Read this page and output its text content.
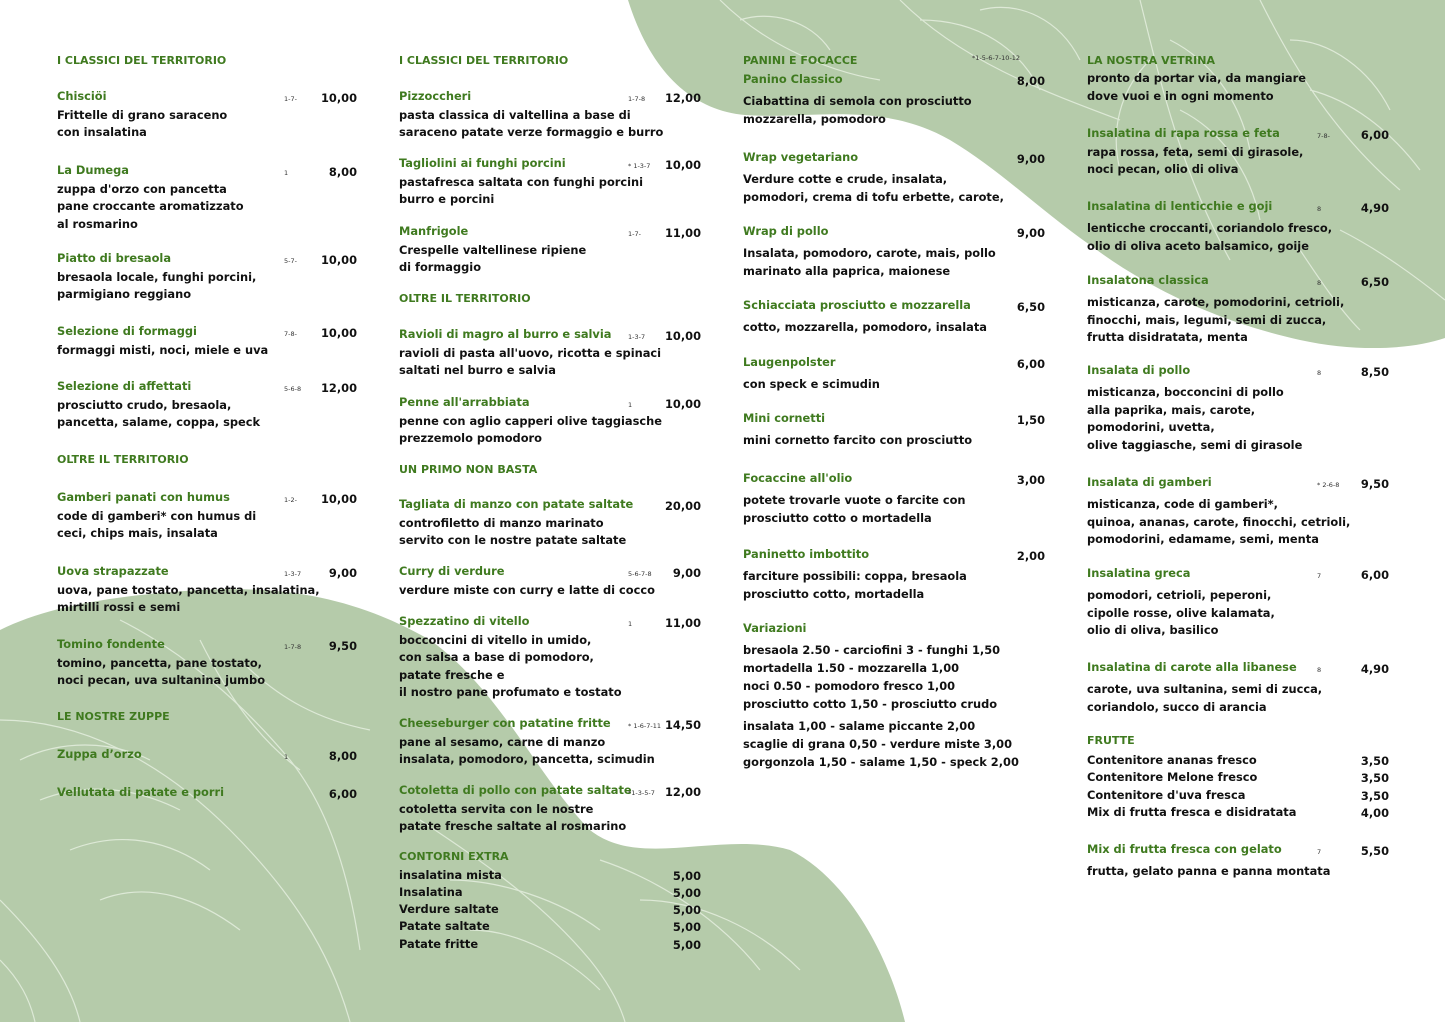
I CLASSICI DEL TERRITORIO
Chisciöi
Frittelle di grano saraceno
con insalatina
1-7-	10,00
La Dumega
zuppa d'orzo con pancetta
pane croccante aromatizzato
al rosmarino
1	8,00
Piatto di bresaola
bresaola locale, funghi porcini,
parmigiano reggiano
5-7-	10,00
Selezione di formaggi
formaggi misti, noci, miele e uva
7-8-	10,00
Selezione di affettati
prosciutto crudo, bresaola,
pancetta, salame, coppa, speck
5-6-8	12,00
OLTRE IL TERRITORIO
Gamberi panati con humus
code di gamberi* con humus di
ceci, chips mais, insalata
1-2-	10,00
Uova strapazzate
uova, pane tostato, pancetta, insalatina,
mirtilli rossi e semi
1-3-7	9,00
Tomino fondente
tomino, pancetta, pane tostato,
noci pecan, uva sultanina jumbo
1-7-8	9,50
LE NOSTRE ZUPPE
Zuppa d’orzo	1	8,00
Vellutata di patate e porri	6,00
I CLASSICI DEL TERRITORIO
Pizzoccheri
pasta classica di valtellina a base di
saraceno patate verze formaggio e burro
1-7-8	12,00
Tagliolini ai funghi porcini
pastafresca saltata con funghi porcini
burro e porcini
* 1-3-7	10,00
Manfrigole
Crespelle valtellinese ripiene
di formaggio
1-7-	11,00
OLTRE IL TERRITORIO
Ravioli di magro al burro e salvia
ravioli di pasta all'uovo, ricotta e spinaci
saltati nel burro e salvia
1-3-7	10,00
Penne all'arrabbiata
penne con aglio capperi olive taggiasche
prezzemolo pomodoro
1	10,00
UN PRIMO NON BASTA
Tagliata di manzo con patate saltate
controfiletto di manzo marinato
servito con le nostre patate saltate
20,00
Curry di verdure
verdure miste con curry e latte di cocco
5-6-7-8	9,00
Spezzatino di vitello
bocconcini di vitello in umido,
con salsa a base di pomodoro,
patate fresche e
il nostro pane profumato e tostato
1	11,00
Cheeseburger con patatine fritte
pane al sesamo, carne di manzo
insalata, pomodoro, pancetta, scimudin
* 1-6-7-11 14,50
Cotoletta di pollo con patate saltate
cotoletta servita con le nostre
patate fresche saltate al rosmarino
*1-3-5-7 12,00
CONTORNI EXTRA
insalatina mista	5,00
Insalatina	5,00
Verdure saltate	5,00
Patate saltate	5,00
Patate fritte	5,00
PANINI E FOCACCE	*1-5-6-7-10-12
Panino Classico
Ciabattina di semola con prosciutto
mozzarella, pomodoro
8,00
Wrap vegetariano
Verdure cotte e crude, insalata,
pomodori, crema di tofu erbette, carote,
9,00
Wrap di pollo
Insalata, pomodoro, carote, mais, pollo
marinato alla paprica, maionese
9,00
Schiacciata prosciutto e mozzarella
cotto, mozzarella, pomodoro, insalata
6,50
Laugenpolster
con speck e scimudin
6,00
Mini cornetti
mini cornetto farcito con prosciutto
1,50
Focaccine all'olio
potete trovarle vuote o farcite con
prosciutto cotto o mortadella
3,00
Paninetto imbottito
farciture possibili: coppa, bresaola
prosciutto cotto, mortadella
2,00
Variazioni
bresaola 2.50 - carciofini 3 - funghi 1,50
mortadella 1.50 - mozzarella 1,00
noci 0.50 - pomodoro fresco 1,00
prosciutto cotto 1,50 - prosciutto crudo
insalata 1,00 - salame piccante 2,00
scaglie di grana 0,50 - verdure miste 3,00
gorgonzola 1,50 - salame 1,50 - speck 2,00
LA NOSTRA VETRINA
pronto da portar via, da mangiare
dove vuoi e in ogni momento
Insalatina di rapa rossa e feta
rapa rossa, feta, semi di girasole,
noci pecan, olio di oliva
7-8-	6,00
Insalatina di lenticchie e goji
lenticche croccanti, coriandolo fresco,
olio di oliva aceto balsamico, goije
8	4,90
Insalatona classica
misticanza, carote, pomodorini, cetrioli,
finocchi, mais, legumi, semi di zucca,
frutta disidratata, menta
8	6,50
Insalata di pollo
misticanza, bocconcini di pollo
alla paprika, mais, carote,
pomodorini, uvetta,
olive taggiasche, semi di girasole
8	8,50
Insalata di gamberi
misticanza, code di gamberi*,
quinoa, ananas, carote, finocchi, cetrioli,
pomodorini, edamame, semi, menta
* 2-6-8	9,50
Insalatina greca
pomodori, cetrioli, peperoni,
cipolle rosse, olive kalamata,
olio di oliva, basilico
7	6,00
Insalatina di carote alla libanese
carote, uva sultanina, semi di zucca,
coriandolo, succo di arancia
8	4,90
FRUTTE
Contenitore ananas fresco	3,50
Contenitore Melone fresco	3,50
Contenitore d'uva fresca	3,50
Mix di frutta fresca e disidratata	4,00
Mix di frutta fresca con gelato
frutta, gelato panna e panna montata
7	5,50
